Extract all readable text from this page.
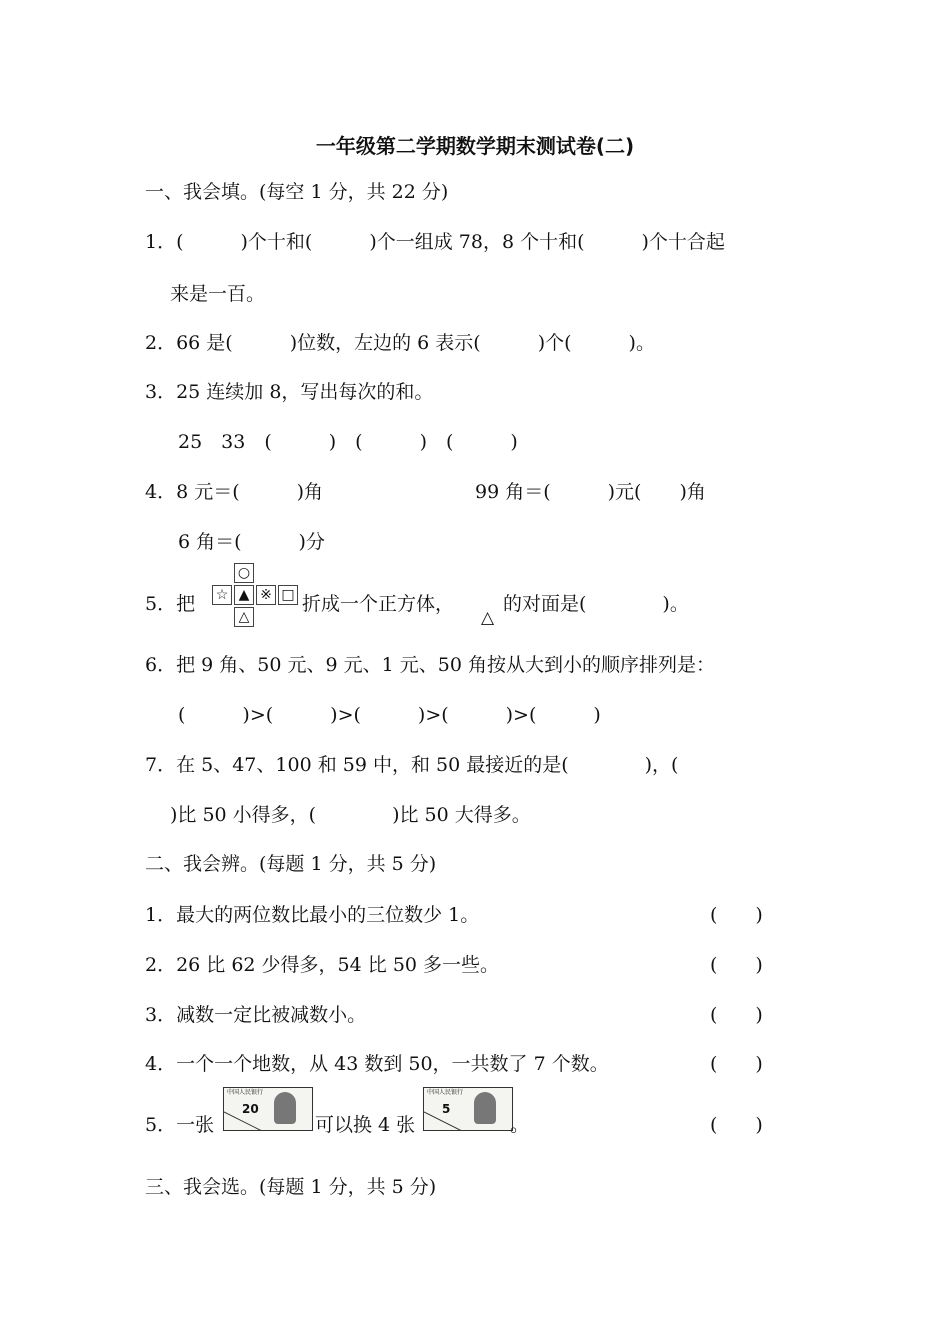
一年级第二学期数学期末测试卷(二)
一、我会填。(每空 1 分，共 22 分)
1．(　　　)个十和(　　　)个一组成 78，8 个十和(　　　)个十合起
来是一百。
2．66 是(　　　)位数，左边的 6 表示(　　　)个(　　　)。
3．25 连续加 8，写出每次的和。
25　33　(　　　)　(　　　)　(　　　)
4．8 元＝(　　　)角	99 角＝(　　　)元(　　)角
6 角＝(　　　)分
5．把
○
☆ ▲ ※ □
△
折成一个正方体，
△
的对面是(　　　　)。
6．把 9 角、50 元、9 元、1 元、50 角按从大到小的顺序排列是：
(　　　)>(　　　)>(　　　)>(　　　)>(　　　)
7．在 5、47、100 和 59 中，和 50 最接近的是(　　　　)，(
)比 50 小得多，(　　　　)比 50 大得多。
二、我会辨。(每题 1 分，共 5 分)
1．最大的两位数比最小的三位数少 1。	(　　)
2．26 比 62 少得多，54 比 50 多一些。	(　　)
3．减数一定比被减数小。	(　　)
4．一个一个地数，从 43 数到 50，一共数了 7 个数。	(　　)
5．一张
中国人民银行
20
可以换 4 张
中国人民银行
5
。	(　　)
三、我会选。(每题 1 分，共 5 分)
